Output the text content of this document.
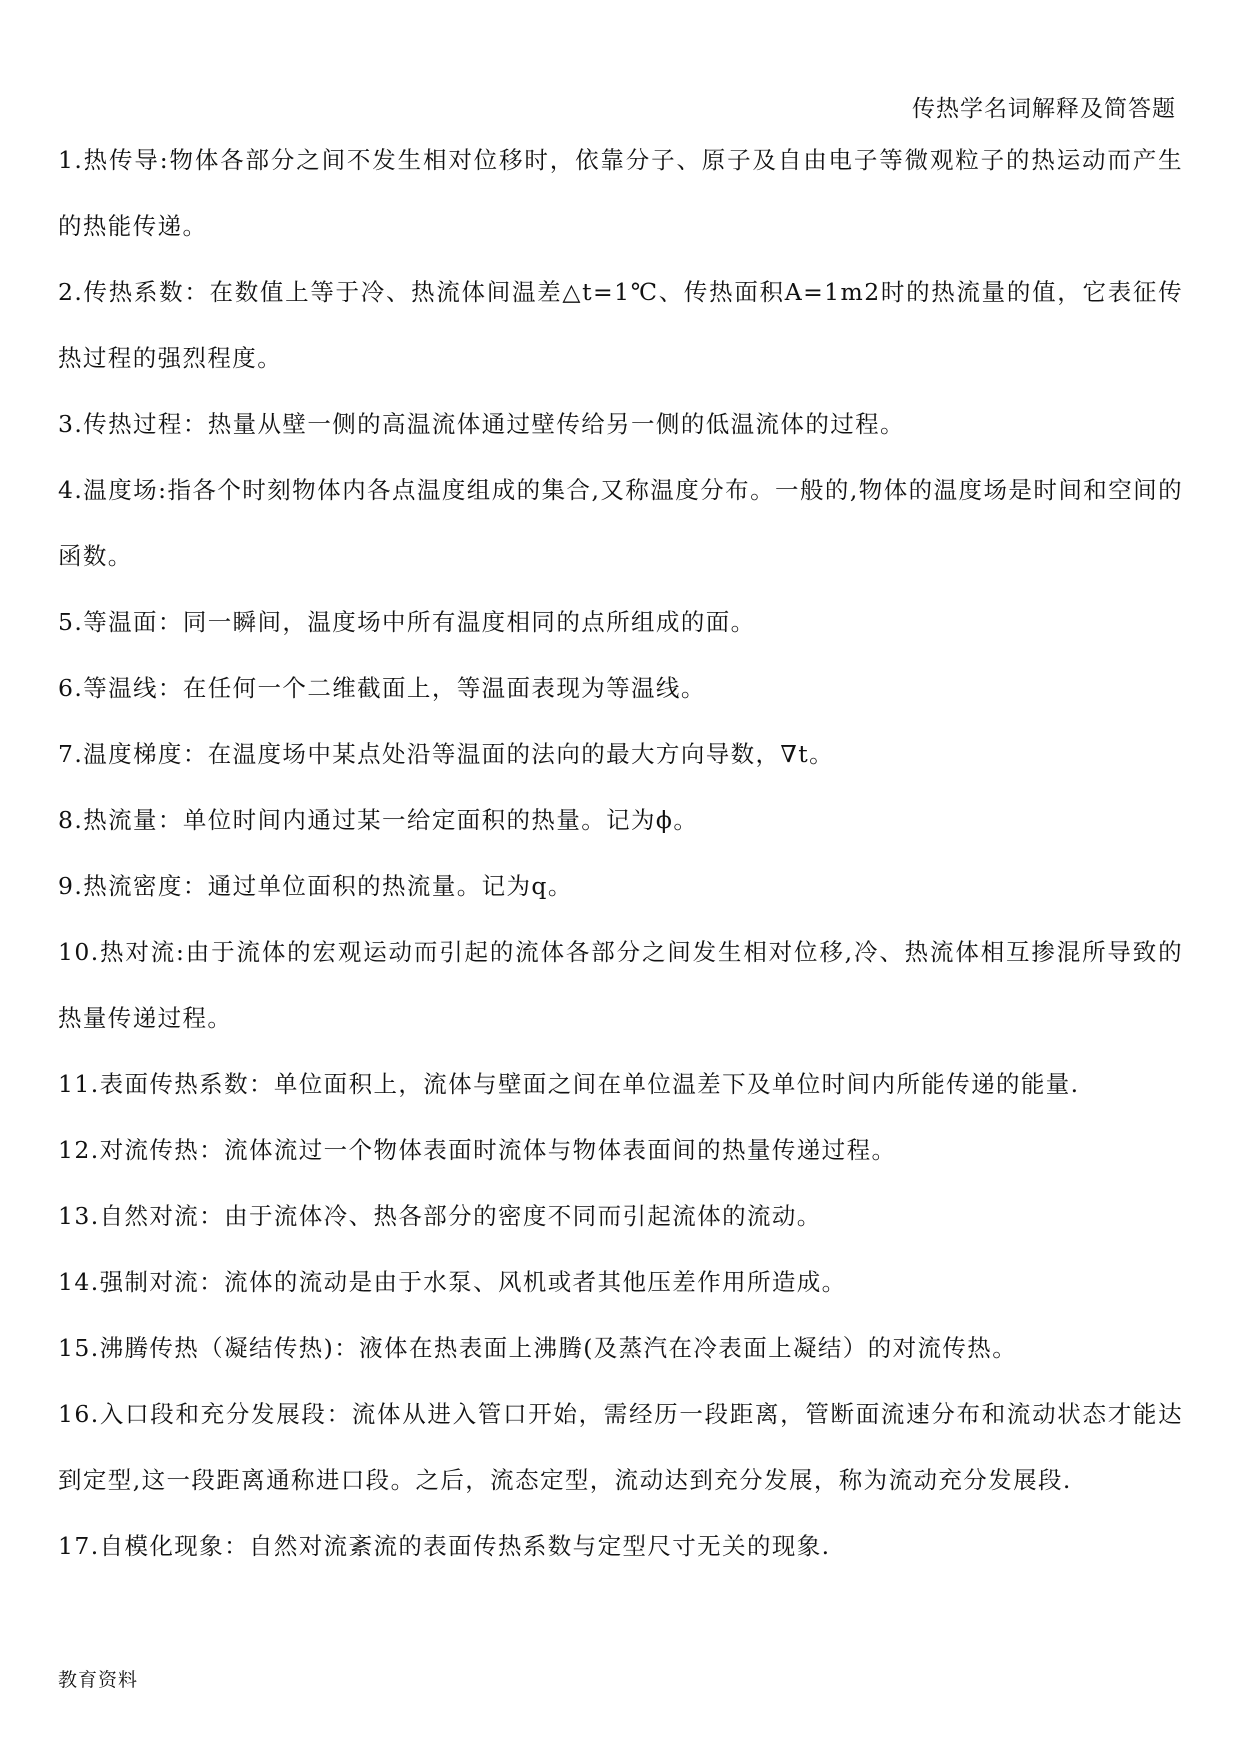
传热学名词解释及简答题
1.热传导:物体各部分之间不发生相对位移时，依靠分子、原子及自由电子等微观粒子的热运动而产生的热能传递。
2.传热系数：在数值上等于冷、热流体间温差△t=1℃、传热面积A=1m2时的热流量的值，它表征传热过程的强烈程度。
3.传热过程：热量从壁一侧的高温流体通过壁传给另一侧的低温流体的过程。
4.温度场:指各个时刻物体内各点温度组成的集合,又称温度分布。一般的,物体的温度场是时间和空间的函数。
5.等温面：同一瞬间，温度场中所有温度相同的点所组成的面。
6.等温线：在任何一个二维截面上，等温面表现为等温线。
7.温度梯度：在温度场中某点处沿等温面的法向的最大方向导数，∇t。
8.热流量：单位时间内通过某一给定面积的热量。记为ϕ。
9.热流密度：通过单位面积的热流量。记为q。
10.热对流:由于流体的宏观运动而引起的流体各部分之间发生相对位移,冷、热流体相互掺混所导致的热量传递过程。
11.表面传热系数：单位面积上，流体与壁面之间在单位温差下及单位时间内所能传递的能量.
12.对流传热：流体流过一个物体表面时流体与物体表面间的热量传递过程。
13.自然对流：由于流体冷、热各部分的密度不同而引起流体的流动。
14.强制对流：流体的流动是由于水泵、风机或者其他压差作用所造成。
15.沸腾传热（凝结传热)：液体在热表面上沸腾(及蒸汽在冷表面上凝结）的对流传热。
16.入口段和充分发展段：流体从进入管口开始，需经历一段距离，管断面流速分布和流动状态才能达到定型,这一段距离通称进口段。之后，流态定型，流动达到充分发展，称为流动充分发展段.
17.自模化现象：自然对流紊流的表面传热系数与定型尺寸无关的现象.
教育资料
